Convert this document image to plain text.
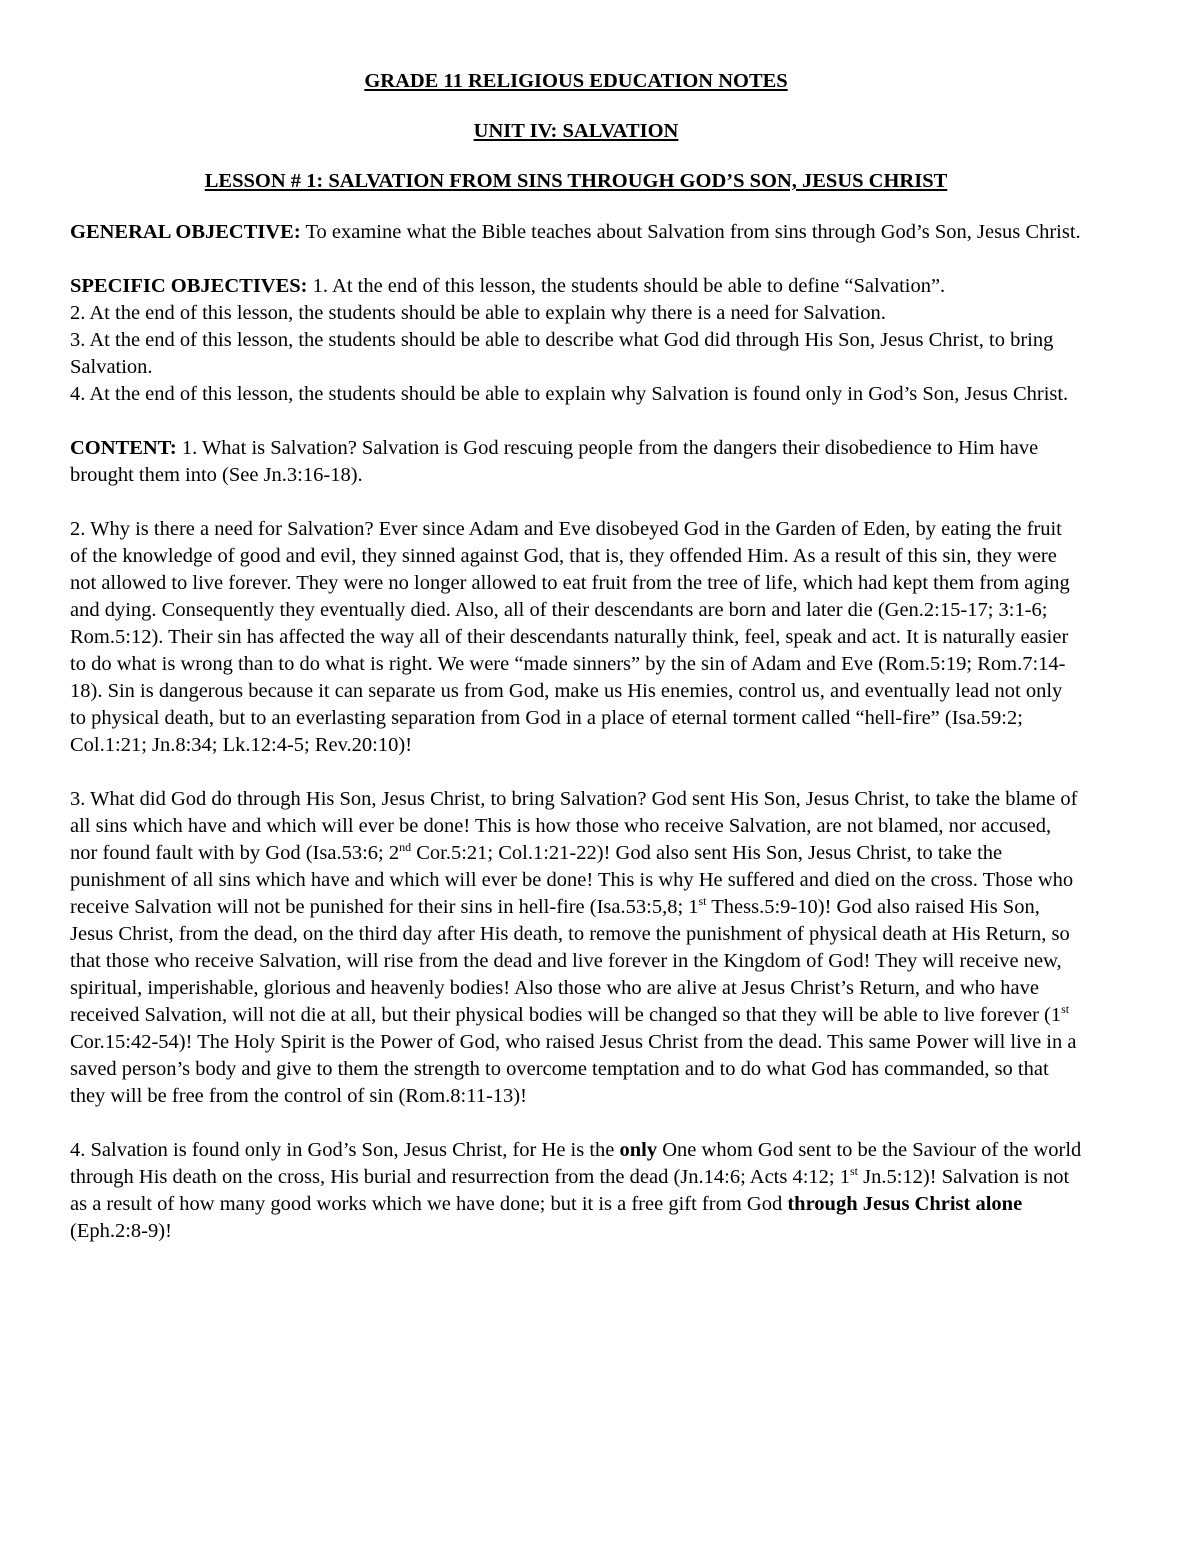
GRADE 11 RELIGIOUS EDUCATION NOTES

UNIT IV: SALVATION

LESSON # 1: SALVATION FROM SINS THROUGH GOD’S SON, JESUS CHRIST

GENERAL OBJECTIVE: To examine what the Bible teaches about Salvation from sins through God’s Son, Jesus Christ.

SPECIFIC OBJECTIVES: 1. At the end of this lesson, the students should be able to define “Salvation”.

2. At the end of this lesson, the students should be able to explain why there is a need for Salvation.

3. At the end of this lesson, the students should be able to describe what God did through His Son, Jesus Christ, to bring Salvation.

4. At the end of this lesson, the students should be able to explain why Salvation is found only in God’s Son, Jesus Christ.

CONTENT: 1. What is Salvation? Salvation is God rescuing people from the dangers their disobedience to Him have brought them into (See Jn.3:16-18).

2. Why is there a need for Salvation? Ever since Adam and Eve disobeyed God in the Garden of Eden, by eating the fruit of the knowledge of good and evil, they sinned against God, that is, they offended Him. As a result of this sin, they were not allowed to live forever. They were no longer allowed to eat fruit from the tree of life, which had kept them from aging and dying. Consequently they eventually died. Also, all of their descendants are born and later die (Gen.2:15-17; 3:1-6; Rom.5:12). Their sin has affected the way all of their descendants naturally think, feel, speak and act. It is naturally easier to do what is wrong than to do what is right. We were “made sinners” by the sin of Adam and Eve (Rom.5:19; Rom.7:14-18). Sin is dangerous because it can separate us from God, make us His enemies, control us, and eventually lead not only to physical death, but to an everlasting separation from God in a place of eternal torment called “hell-fire” (Isa.59:2; Col.1:21; Jn.8:34; Lk.12:4-5; Rev.20:10)!

3. What did God do through His Son, Jesus Christ, to bring Salvation? God sent His Son, Jesus Christ, to take the blame of all sins which have and which will ever be done! This is how those who receive Salvation, are not blamed, nor accused, nor found fault with by God (Isa.53:6; 2nd Cor.5:21; Col.1:21-22)! God also sent His Son, Jesus Christ, to take the punishment of all sins which have and which will ever be done! This is why He suffered and died on the cross. Those who receive Salvation will not be punished for their sins in hell-fire (Isa.53:5,8; 1st Thess.5:9-10)! God also raised His Son, Jesus Christ, from the dead, on the third day after His death, to remove the punishment of physical death at His Return, so that those who receive Salvation, will rise from the dead and live forever in the Kingdom of God! They will receive new, spiritual, imperishable, glorious and heavenly bodies! Also those who are alive at Jesus Christ’s Return, and who have received Salvation, will not die at all, but their physical bodies will be changed so that they will be able to live forever (1st Cor.15:42-54)! The Holy Spirit is the Power of God, who raised Jesus Christ from the dead. This same Power will live in a saved person’s body and give to them the strength to overcome temptation and to do what God has commanded, so that they will be free from the control of sin (Rom.8:11-13)!

4. Salvation is found only in God’s Son, Jesus Christ, for He is the only One whom God sent to be the Saviour of the world through His death on the cross, His burial and resurrection from the dead (Jn.14:6; Acts 4:12; 1st Jn.5:12)! Salvation is not as a result of how many good works which we have done; but it is a free gift from God through Jesus Christ alone (Eph.2:8-9)!
